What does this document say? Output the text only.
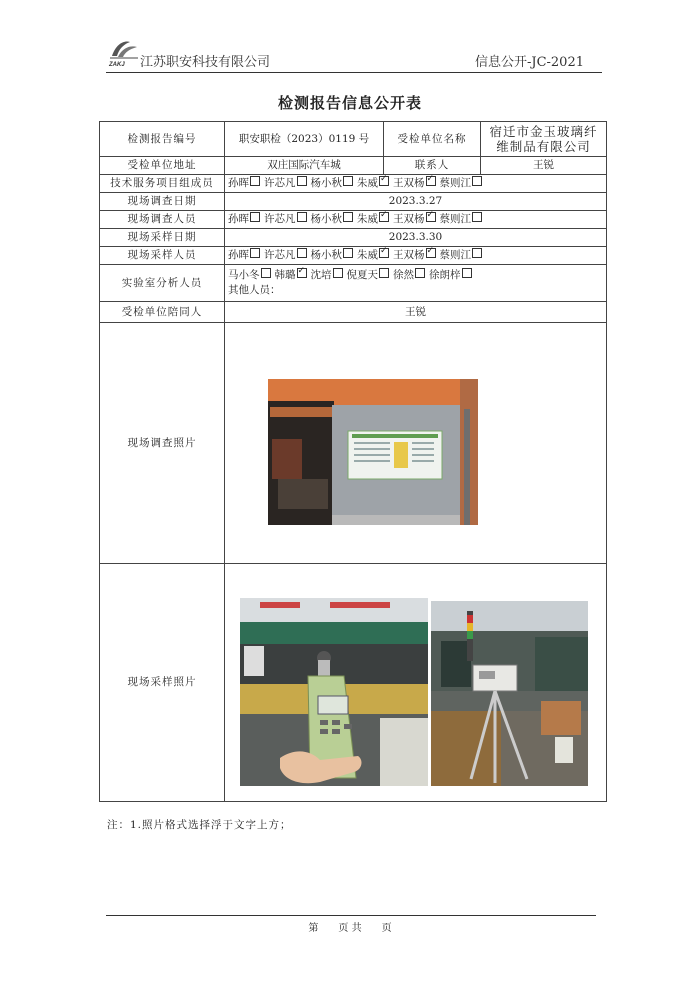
ZAKJ 江苏职安科技有限公司	信息公开-JC-2021
检测报告信息公开表
检测报告编号	职安职检（2023）0119 号	受检单位名称	宿迁市金玉玻璃纤维制品有限公司
受检单位地址	双庄国际汽车城	联系人	王锐
技术服务项目组成员	孙晖 许芯凡 杨小秋 朱威 ✓ 王双杨 ✓ 蔡则江
现场调查日期	2023.3.27		
现场调查人员	孙晖 许芯凡 杨小秋 朱威 ✓ 王双杨 ✓ 蔡则江
现场采样日期	2023.3.30		
现场采样人员	孙晖 许芯凡 杨小秋 朱威 ✓ 王双杨 ✓ 蔡则江
实验室分析人员	马小冬 韩璐 ✓ 沈培 倪夏天 徐然 徐朗梓
其他人员：

受检单位陪同人	王锐		
现场调查照片			
现场采样照片			
注：1.照片格式选择浮于文字上方；
第　　页 共　　页
